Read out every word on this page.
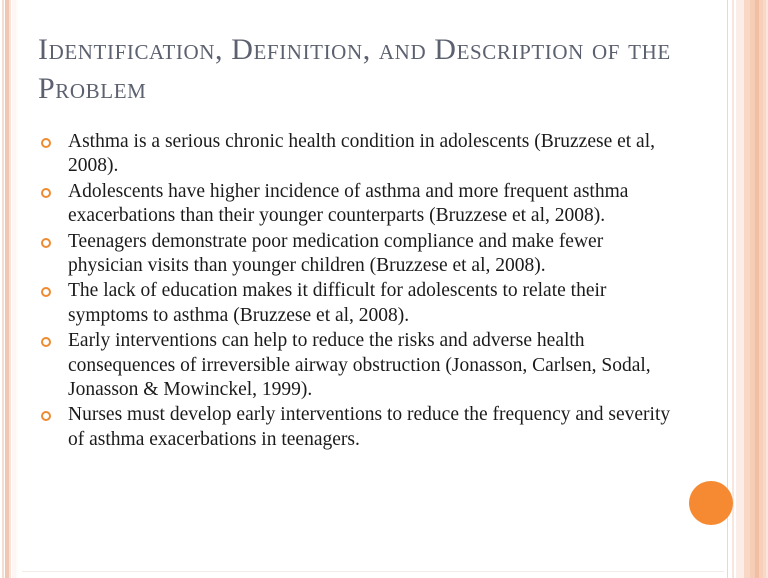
Identification, Definition, and Description of the Problem
Asthma is a serious chronic health condition in adolescents (Bruzzese et al, 2008).
Adolescents have higher incidence of asthma and more frequent asthma exacerbations than their younger counterparts (Bruzzese et al, 2008).
Teenagers demonstrate poor medication compliance and make fewer physician visits than younger children (Bruzzese et al, 2008).
The lack of education makes it difficult for adolescents to relate their symptoms to asthma (Bruzzese et al, 2008).
Early interventions can help to reduce the risks and adverse health consequences of irreversible airway obstruction (Jonasson, Carlsen, Sodal, Jonasson & Mowinckel, 1999).
Nurses must develop early interventions to reduce the frequency and severity of asthma exacerbations in teenagers.
